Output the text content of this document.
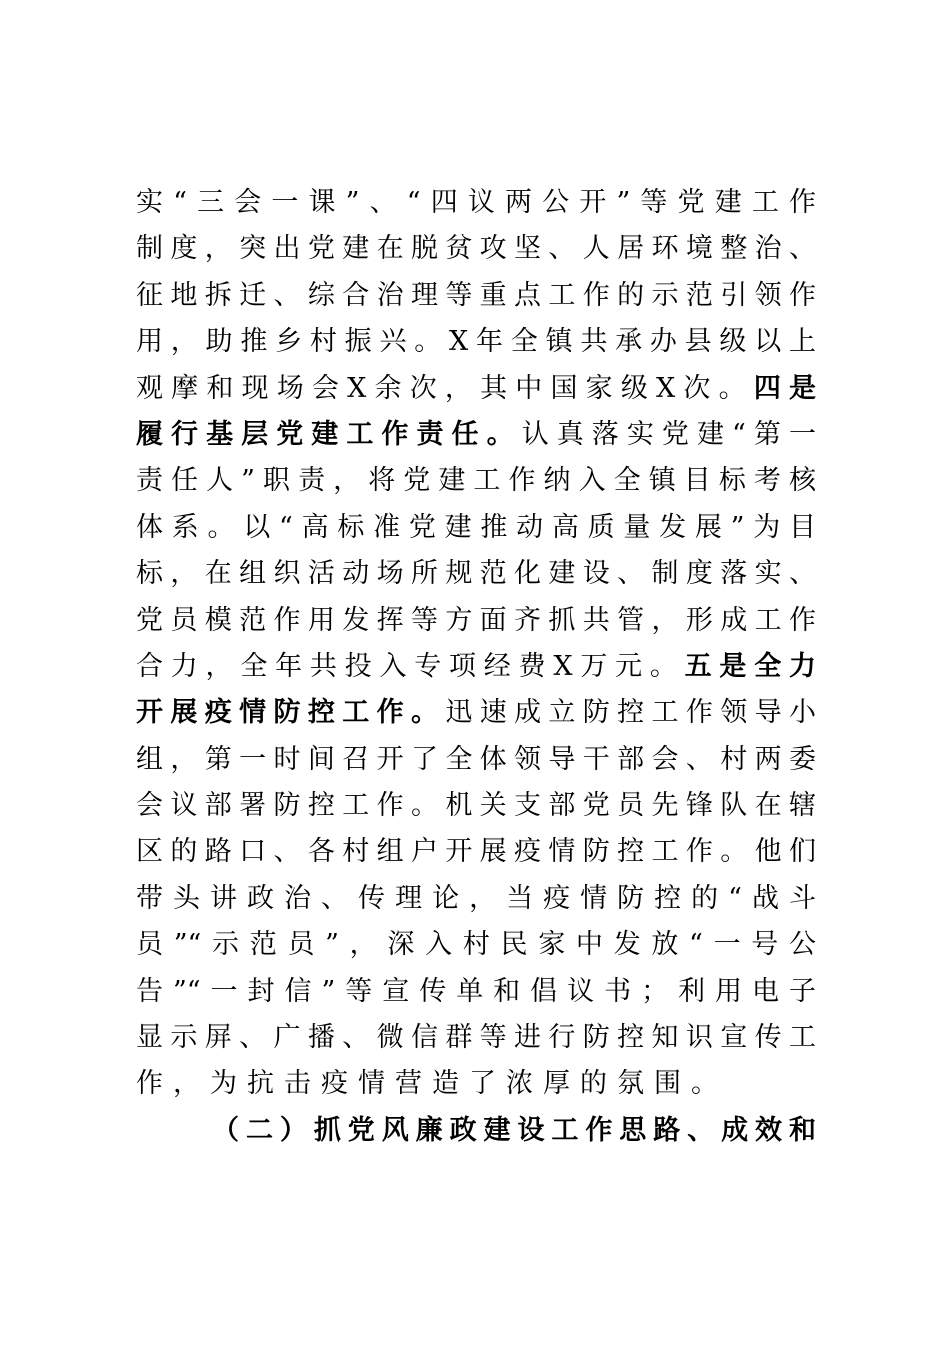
实“三会一课”、“四议两公开”等党建工作
制度，突出党建在脱贫攻坚、人居环境整治、
征地拆迁、综合治理等重点工作的示范引领作
用，助推乡村振兴。X年全镇共承办县级以上
观摩和现场会X余次，其中国家级X次。四是
履行基层党建工作责任。认真落实党建“第一
责任人”职责，将党建工作纳入全镇目标考核
体系。以“高标准党建推动高质量发展”为目
标，在组织活动场所规范化建设、制度落实、
党员模范作用发挥等方面齐抓共管，形成工作
合力，全年共投入专项经费X万元。五是全力
开展疫情防控工作。迅速成立防控工作领导小
组，第一时间召开了全体领导干部会、村两委
会议部署防控工作。机关支部党员先锋队在辖
区的路口、各村组户开展疫情防控工作。他们
带头讲政治、传理论，当疫情防控的“战斗
员”“示范员”，深入村民家中发放“一号公
告”“一封信”等宣传单和倡议书；利用电子
显示屏、广播、微信群等进行防控知识宣传工
作，为抗击疫情营造了浓厚的氛围。
（二）抓党风廉政建设工作思路、成效和
